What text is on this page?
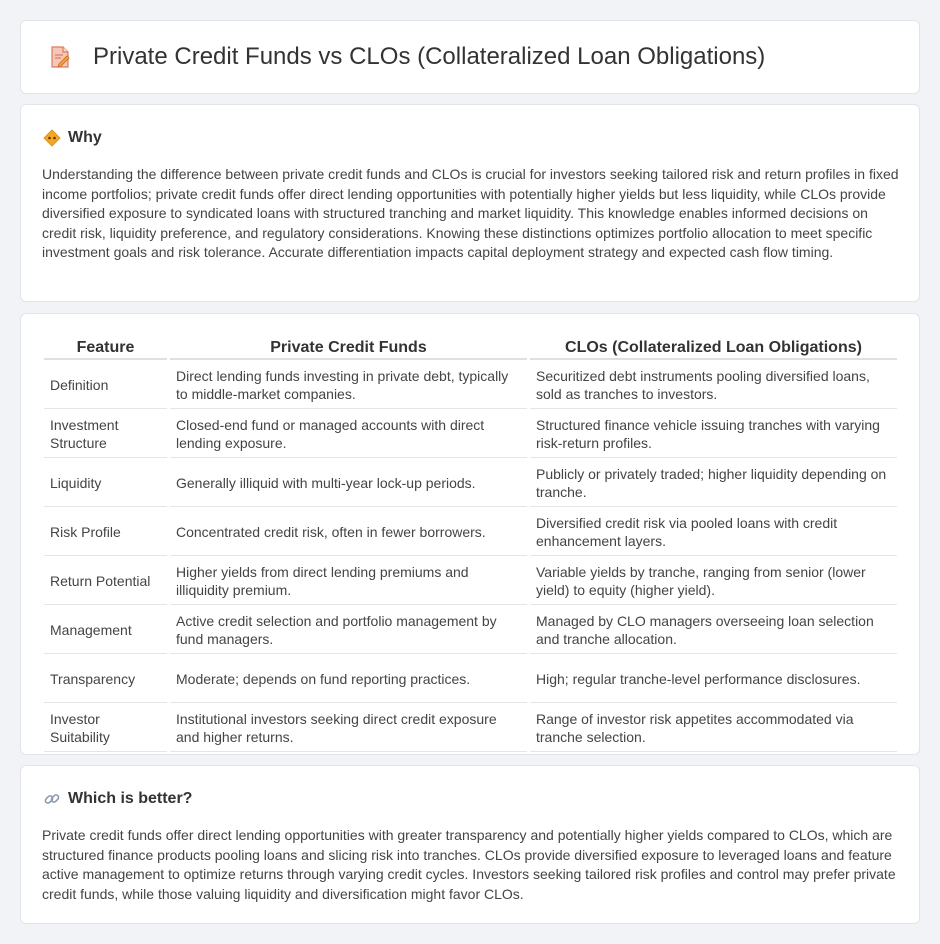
Private Credit Funds vs CLOs (Collateralized Loan Obligations)
Why

Understanding the difference between private credit funds and CLOs is crucial for investors seeking tailored risk and return profiles in fixed income portfolios; private credit funds offer direct lending opportunities with potentially higher yields but less liquidity, while CLOs provide diversified exposure to syndicated loans with structured tranching and market liquidity. This knowledge enables informed decisions on credit risk, liquidity preference, and regulatory considerations. Knowing these distinctions optimizes portfolio allocation to meet specific investment goals and risk tolerance. Accurate differentiation impacts capital deployment strategy and expected cash flow timing.

Feature	Private Credit Funds	CLOs (Collateralized Loan Obligations)
Definition	Direct lending funds investing in private debt, typically to middle-market companies.	Securitized debt instruments pooling diversified loans, sold as tranches to investors.
Investment Structure	Closed-end fund or managed accounts with direct lending exposure.	Structured finance vehicle issuing tranches with varying risk-return profiles.
Liquidity	Generally illiquid with multi-year lock-up periods.	Publicly or privately traded; higher liquidity depending on tranche.
Risk Profile	Concentrated credit risk, often in fewer borrowers.	Diversified credit risk via pooled loans with credit enhancement layers.
Return Potential	Higher yields from direct lending premiums and illiquidity premium.	Variable yields by tranche, ranging from senior (lower yield) to equity (higher yield).
Management	Active credit selection and portfolio management by fund managers.	Managed by CLO managers overseeing loan selection and tranche allocation.
Transparency	Moderate; depends on fund reporting practices.	High; regular tranche-level performance disclosures.
Investor Suitability	Institutional investors seeking direct credit exposure and higher returns.	Range of investor risk appetites accommodated via tranche selection.
Which is better?

Private credit funds offer direct lending opportunities with greater transparency and potentially higher yields compared to CLOs, which are structured finance products pooling loans and slicing risk into tranches. CLOs provide diversified exposure to leveraged loans and feature active management to optimize returns through varying credit cycles. Investors seeking tailored risk profiles and control may prefer private credit funds, while those valuing liquidity and diversification might favor CLOs.
